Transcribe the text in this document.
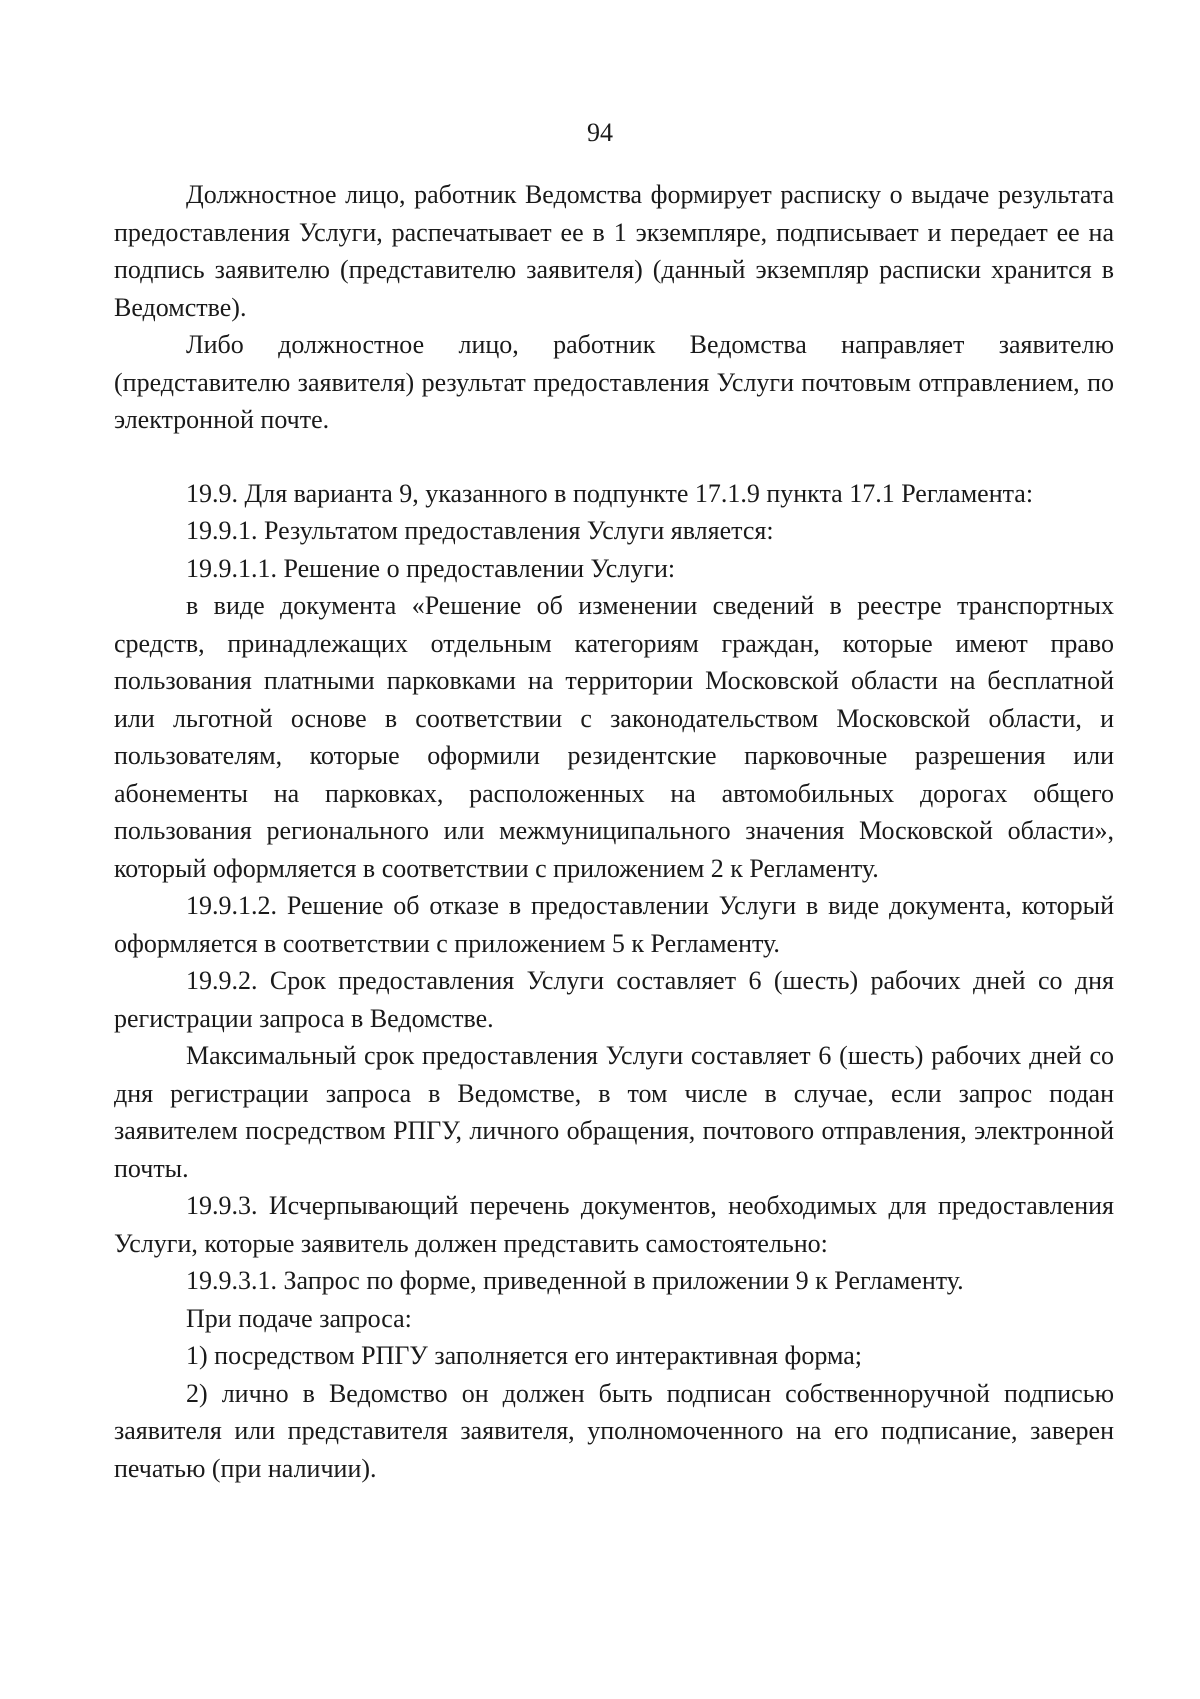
94

Должностное лицо, работник Ведомства формирует расписку о выдаче результата предоставления Услуги, распечатывает ее в 1 экземпляре, подписывает и передает ее на подпись заявителю (представителю заявителя) (данный экземпляр расписки хранится в Ведомстве).

Либо должностное лицо, работник Ведомства направляет заявителю (представителю заявителя) результат предоставления Услуги почтовым отправлением, по электронной почте.

19.9. Для варианта 9, указанного в подпункте 17.1.9 пункта 17.1 Регламента:

19.9.1. Результатом предоставления Услуги является:

19.9.1.1. Решение о предоставлении Услуги:

в виде документа «Решение об изменении сведений в реестре транспортных средств, принадлежащих отдельным категориям граждан, которые имеют право пользования платными парковками на территории Московской области на бесплатной или льготной основе в соответствии с законодательством Московской области, и пользователям, которые оформили резидентские парковочные разрешения или абонементы на парковках, расположенных на автомобильных дорогах общего пользования регионального или межмуниципального значения Московской области», который оформляется в соответствии с приложением 2 к Регламенту.

19.9.1.2. Решение об отказе в предоставлении Услуги в виде документа, который оформляется в соответствии с приложением 5 к Регламенту.

19.9.2. Срок предоставления Услуги составляет 6 (шесть) рабочих дней со дня регистрации запроса в Ведомстве.

Максимальный срок предоставления Услуги составляет 6 (шесть) рабочих дней со дня регистрации запроса в Ведомстве, в том числе в случае, если запрос подан заявителем посредством РПГУ, личного обращения, почтового отправления, электронной почты.

19.9.3. Исчерпывающий перечень документов, необходимых для предоставления Услуги, которые заявитель должен представить самостоятельно:

19.9.3.1. Запрос по форме, приведенной в приложении 9 к Регламенту.

При подаче запроса:

1) посредством РПГУ заполняется его интерактивная форма;

2) лично в Ведомство он должен быть подписан собственноручной подписью заявителя или представителя заявителя, уполномоченного на его подписание, заверен печатью (при наличии).
